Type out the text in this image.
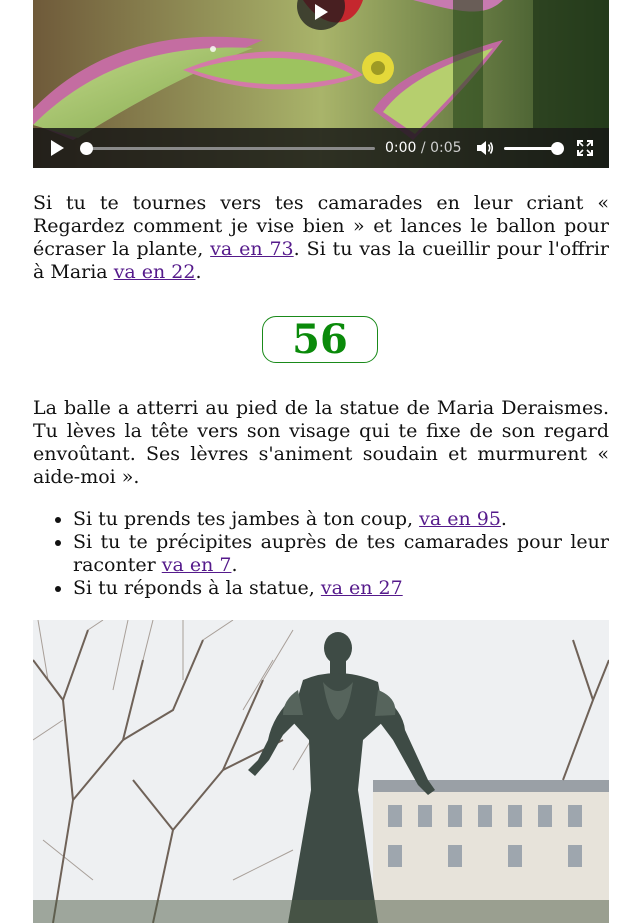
0:00 / 0:05

Si tu te tournes vers tes camarades en leur criant « Regardez comment je vise bien » et lances le ballon pour écraser la plante, va en 73. Si tu vas la cueillir pour l'offrir à Maria va en 22.

56

La balle a atterri au pied de la statue de Maria Deraismes. Tu lèves la tête vers son visage qui te fixe de son regard envoûtant. Ses lèvres s'animent soudain et murmurent « aide-moi ».

• Si tu prends tes jambes à ton coup, va en 95.
• Si tu te précipites auprès de tes camarades pour leur raconter va en 7.
• Si tu réponds à la statue, va en 27
